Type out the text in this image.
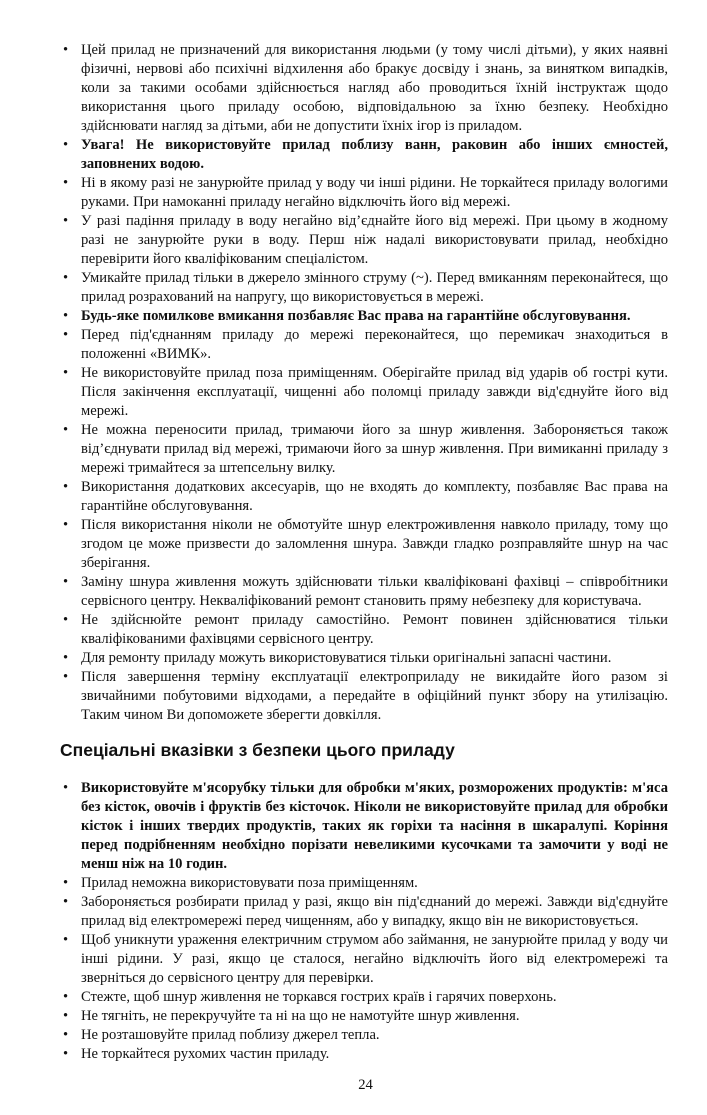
• Цей прилад не призначений для використання людьми (у тому числі дітьми), у яких наявні фізичні, нервові або психічні відхилення або бракує досвіду і знань, за винятком випадків, коли за такими особами здійснюється нагляд або проводиться їхній інструктаж щодо використання цього приладу особою, відповідальною за їхню безпеку. Необхідно здійснювати нагляд за дітьми, аби не допустити їхніх ігор із приладом.
• Увага! Не використовуйте прилад поблизу ванн, раковин або інших ємностей, заповнених водою.
• Ні в якому разі не занурюйте прилад у воду чи інші рідини. Не торкайтеся приладу вологими руками. При намоканні приладу негайно відключіть його від мережі.
• У разі падіння приладу в воду негайно від’єднайте його від мережі. При цьому в жодному разі не занурюйте руки в воду. Перш ніж надалі використовувати прилад, необхідно перевірити його кваліфікованим спеціалістом.
• Умикайте прилад тільки в джерело змінного струму (~). Перед вмиканням переконайтеся, що прилад розрахований на напругу, що використовується в мережі.
• Будь-яке помилкове вмикання позбавляє Вас права на гарантійне обслуговування.
• Перед під'єднанням приладу до мережі переконайтеся, що перемикач знаходиться в положенні «ВИМК».
• Не використовуйте прилад поза приміщенням. Оберігайте прилад від ударів об гострі кути. Після закінчення експлуатації, чищенні або поломці приладу завжди від'єднуйте його від мережі.
• Не можна переносити прилад, тримаючи його за шнур живлення. Забороняється також від’єднувати прилад від мережі, тримаючи його за шнур живлення. При вимиканні приладу з мережі тримайтеся за штепсельну вилку.
• Використання додаткових аксесуарів, що не входять до комплекту, позбавляє Вас права на гарантійне обслуговування.
• Після використання ніколи не обмотуйте шнур електроживлення навколо приладу, тому що згодом це може призвести до заломлення шнура. Завжди гладко розправляйте шнур на час зберігання.
• Заміну шнура живлення можуть здійснювати тільки кваліфіковані фахівці – співробітники сервісного центру. Некваліфікований ремонт становить пряму небезпеку для користувача.
• Не здійснюйте ремонт приладу самостійно. Ремонт повинен здійснюватися тільки кваліфікованими фахівцями сервісного центру.
• Для ремонту приладу можуть використовуватися тільки оригінальні запасні частини.
• Після завершення терміну експлуатації електроприладу не викидайте його разом зі звичайними побутовими відходами, а передайте в офіційний пункт збору на утилізацію. Таким чином Ви допоможете зберегти довкілля.
Спеціальні вказівки з безпеки цього приладу
• Використовуйте м'ясорубку тільки для обробки м'яких, розморожених продуктів: м'яса без кісток, овочів і фруктів без кісточок. Ніколи не використовуйте прилад для обробки кісток і інших твердих продуктів, таких як горіхи та насіння в шкаралупі. Коріння перед подрібненням необхідно порізати невеликими кусочками та замочити у воді не менш ніж на 10 годин.
• Прилад неможна використовувати поза приміщенням.
• Забороняється розбирати прилад у разі, якщо він під'єднаний до мережі. Завжди від'єднуйте прилад від електромережі перед чищенням, або у випадку, якщо він не використовується.
• Щоб уникнути ураження електричним струмом або займання, не занурюйте прилад у воду чи інші рідини. У разі, якщо це сталося, негайно відключіть його від електромережі та зверніться до сервісного центру для перевірки.
• Стежте, щоб шнур живлення не торкався гострих країв і гарячих поверхонь.
• Не тягніть, не перекручуйте та ні на що не намотуйте шнур живлення.
• Не розташовуйте прилад поблизу джерел тепла.
• Не торкайтеся рухомих частин приладу.
24
